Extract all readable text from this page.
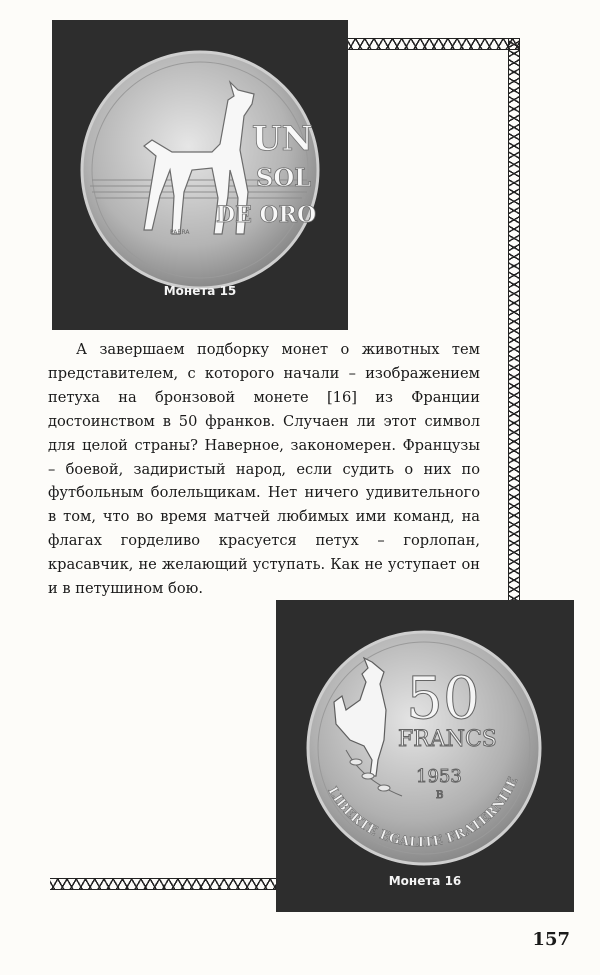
UN
SOL
DE ORO
PARRA
Монета 15

А завершаем подборку монет о животных тем представителем, с которого начали – изображением петуха на бронзовой монете [16] из Франции достоинством в 50 франков. Случаен ли этот символ для целой страны? Наверное, закономерен. Французы – боевой, задиристый народ, если судить о них по футбольным болельщикам. Нет ничего удивительного в том, что во время матчей любимых ими команд, на флагах горделиво красуется петух – горлопан, красавчик, не желающий уступать. Как не уступает он и в петушином бою.

50
FRANCS
1953
B
LIBERTE EGALITE FRATERNITE
Монета 16
157
